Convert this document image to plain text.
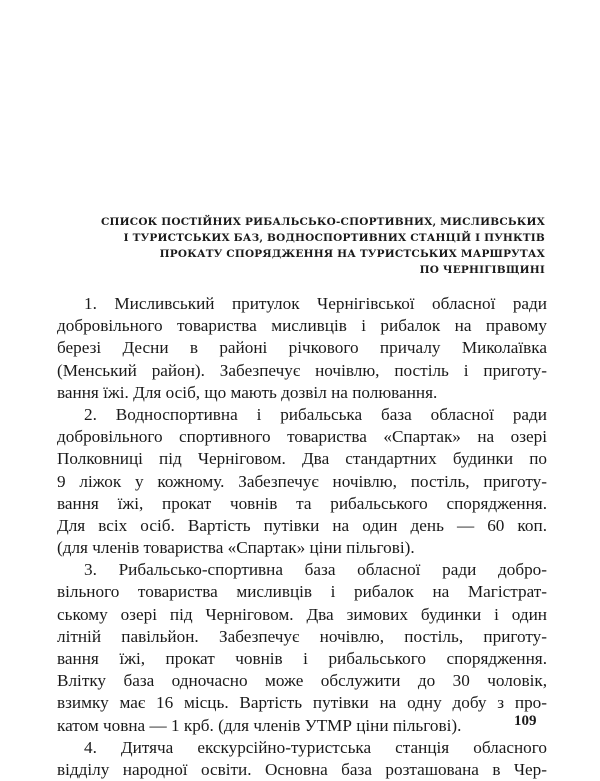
СПИСОК ПОСТІЙНИХ РИБАЛЬСЬКО-СПОРТИВНИХ, МИСЛИВСЬКИХ
І ТУРИСТСЬКИХ БАЗ, ВОДНОСПОРТИВНИХ СТАНЦІЙ І ПУНКТІВ
ПРОКАТУ СПОРЯДЖЕННЯ НА ТУРИСТСЬКИХ МАРШРУТАХ
ПО ЧЕРНІГІВЩИНІ
1. Мисливський притулок Чернігівської обласної ради
добровільного товариства мисливців і рибалок на правому
березі Десни в районі річкового причалу Миколаївка
(Менський район). Забезпечує ночівлю, постіль і приготу-
вання їжі. Для осіб, що мають дозвіл на полювання.
2. Водноспортивна і рибальська база обласної ради
добровільного спортивного товариства «Спартак» на озері
Полковниці під Черніговом. Два стандартних будинки по
9 ліжок у кожному. Забезпечує ночівлю, постіль, приготу-
вання їжі, прокат човнів та рибальського спорядження.
Для всіх осіб. Вартість путівки на один день — 60 коп.
(для членів товариства «Спартак» ціни пільгові).
3. Рибальсько-спортивна база обласної ради добро-
вільного товариства мисливців і рибалок на Магістрат-
ському озері під Черніговом. Два зимових будинки і один
літній павільйон. Забезпечує ночівлю, постіль, приготу-
вання їжі, прокат човнів і рибальського спорядження.
Влітку база одночасно може обслужити до 30 чоловік,
взимку має 16 місць. Вартість путівки на одну добу з про-
катом човна — 1 крб. (для членів УТМР ціни пільгові).
4. Дитяча екскурсійно-туристська станція обласного
відділу народної освіти. Основна база розташована в Чер-
109
